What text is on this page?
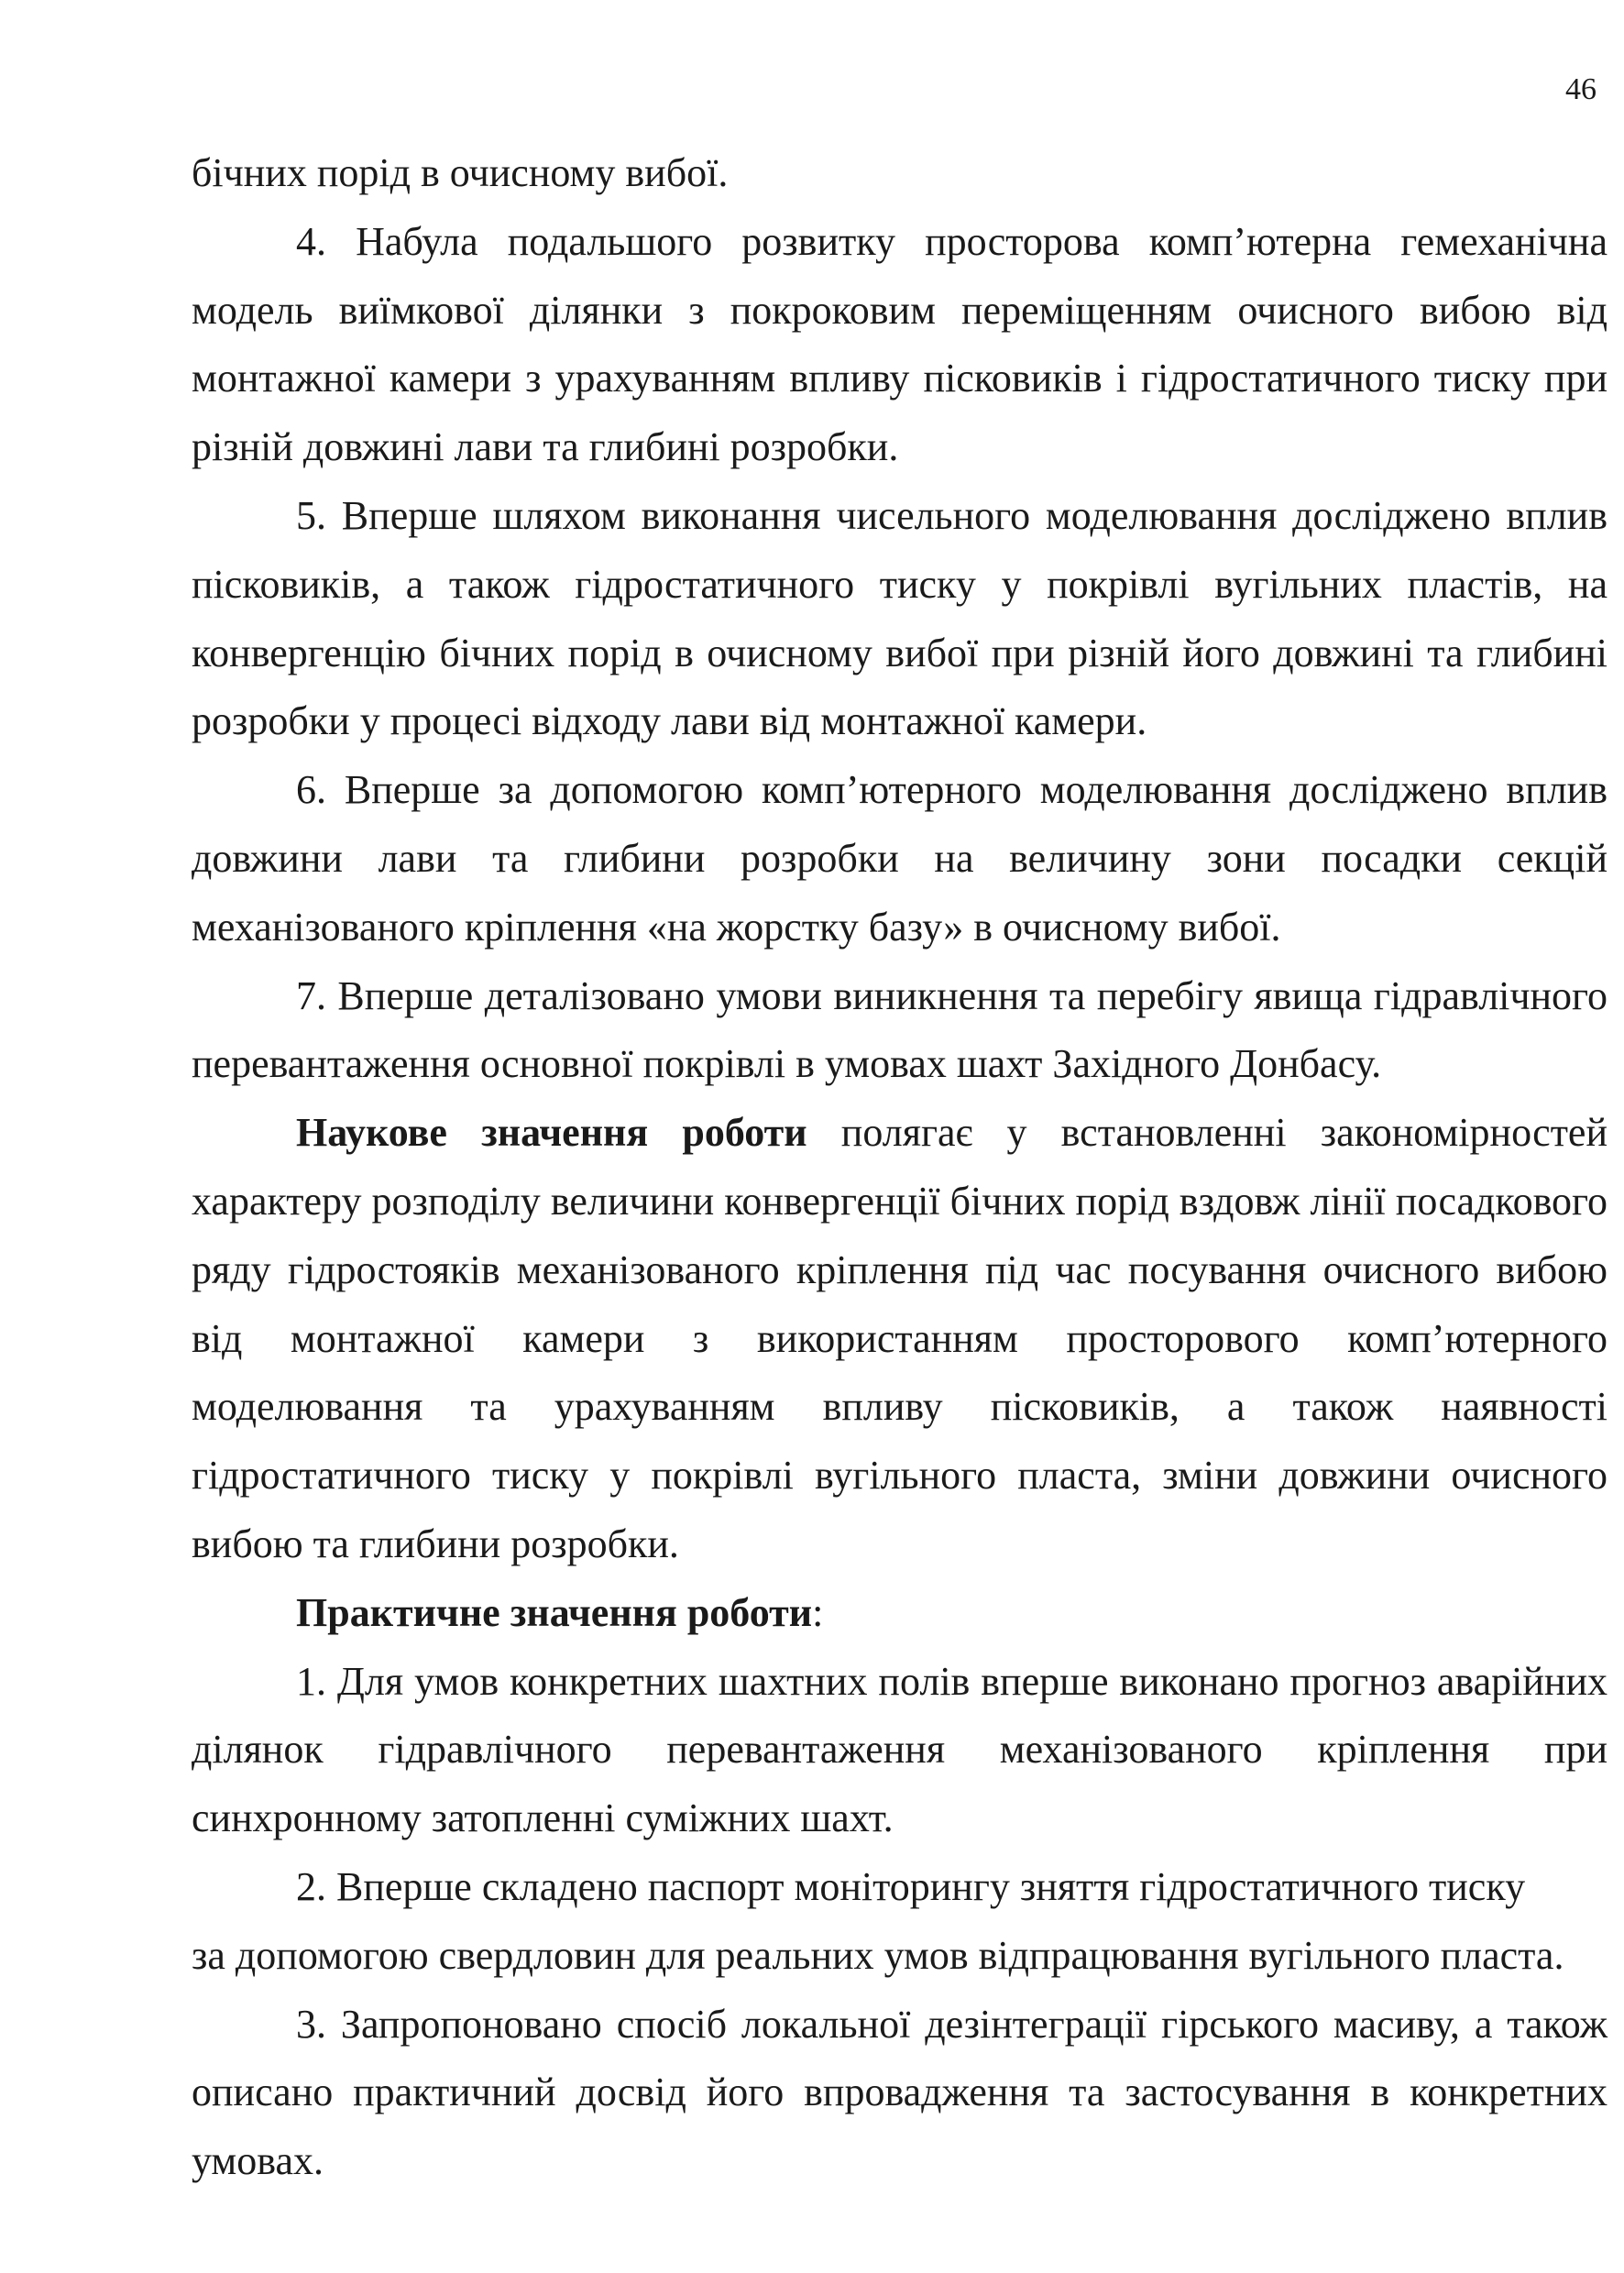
46

бічних порід в очисному вибої.

4. Набула подальшого розвитку просторова комп’ютерна гемеханічна модель виїмкової ділянки з покроковим переміщенням очисного вибою від монтажної камери з урахуванням впливу пісковиків і гідростатичного тиску при різній довжині лави та глибині розробки.

5. Вперше шляхом виконання чисельного моделювання досліджено вплив пісковиків, а також гідростатичного тиску у покрівлі вугільних пластів, на конвергенцію бічних порід в очисному вибої при різній його довжині та глибині розробки у процесі відходу лави від монтажної камери.

6. Вперше за допомогою комп’ютерного моделювання досліджено вплив довжини лави та глибини розробки на величину зони посадки секцій механізованого кріплення «на жорстку базу» в очисному вибої.

7. Вперше деталізовано умови виникнення та перебігу явища гідравлічного перевантаження основної покрівлі в умовах шахт Західного Донбасу.

Наукове значення роботи полягає у встановленні закономірностей характеру розподілу величини конвергенції бічних порід вздовж лінії посадкового ряду гідростояків механізованого кріплення під час посування очисного вибою від монтажної камери з використанням просторового комп’ютерного моделювання та урахуванням впливу пісковиків, а також наявності гідростатичного тиску у покрівлі вугільного пласта, зміни довжини очисного вибою та глибини розробки.

Практичне значення роботи:

1. Для умов конкретних шахтних полів вперше виконано прогноз аварійних ділянок гідравлічного перевантаження механізованого кріплення при синхронному затопленні суміжних шахт.

2. Вперше складено паспорт моніторингу зняття гідростатичного тиску

за допомогою свердловин для реальних умов відпрацювання вугільного пласта.

3. Запропоновано спосіб локальної дезінтеграції гірського масиву, а також описано практичний досвід його впровадження та застосування в конкретних умовах.
